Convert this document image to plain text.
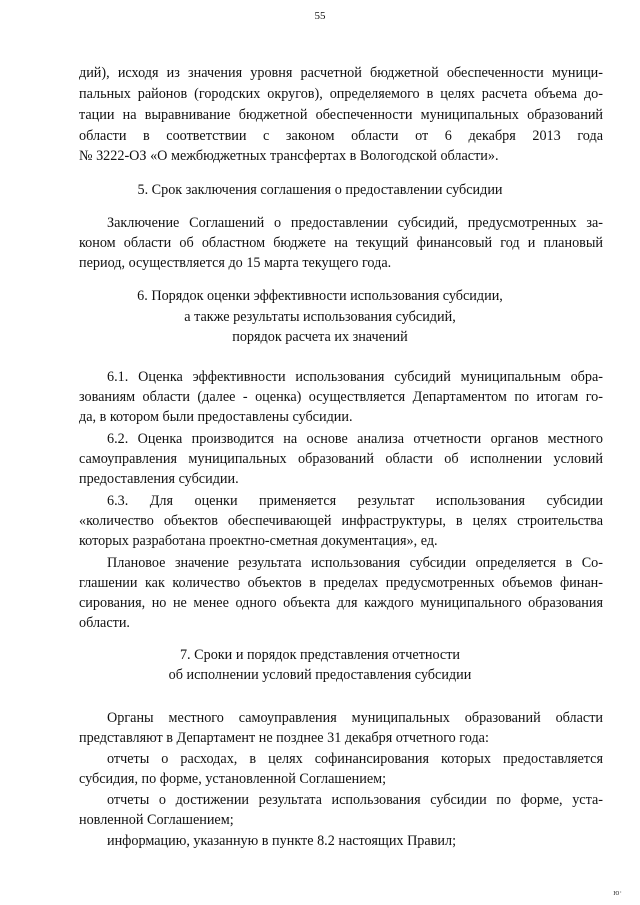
55
дий), исходя из значения уровня расчетной бюджетной обеспеченности муници-
пальных районов (городских округов), определяемого в целях расчета объема до-
тации на выравнивание бюджетной обеспеченности муниципальных образований
области в соответствии с законом области от 6 декабря 2013 года
№ 3222-ОЗ «О межбюджетных трансфертах в Вологодской области».
5. Срок заключения соглашения о предоставлении субсидии
Заключение Соглашений о предоставлении субсидий, предусмотренных за-
коном области об областном бюджете на текущий финансовый год и плановый
период, осуществляется до 15 марта текущего года.
6. Порядок оценки эффективности использования субсидии,
а также результаты использования субсидий,
порядок расчета их значений
6.1. Оценка эффективности использования субсидий муниципальным обра-
зованиям области (далее - оценка) осуществляется Департаментом по итогам го-
да, в котором были предоставлены субсидии.
6.2. Оценка производится на основе анализа отчетности органов местного
самоуправления муниципальных образований области об исполнении условий
предоставления субсидии.
6.3. Для оценки применяется результат использования субсидии
«количество объектов обеспечивающей инфраструктуры, в целях строительства
которых разработана проектно-сметная документация», ед.
Плановое значение результата использования субсидии определяется в Со-
глашении как количество объектов в пределах предусмотренных объемов финан-
сирования, но не менее одного объекта для каждого муниципального образования
области.
7. Сроки и порядок представления отчетности
об исполнении условий предоставления субсидии
Органы местного самоуправления муниципальных образований области
представляют в Департамент не позднее 31 декабря отчетного года:
отчеты о расходах, в целях софинансирования которых предоставляется
субсидия, по форме, установленной Соглашением;
отчеты о достижении результата использования субсидии по форме, уста-
новленной Соглашением;
информацию, указанную в пункте 8.2 настоящих Правил;
ю·
